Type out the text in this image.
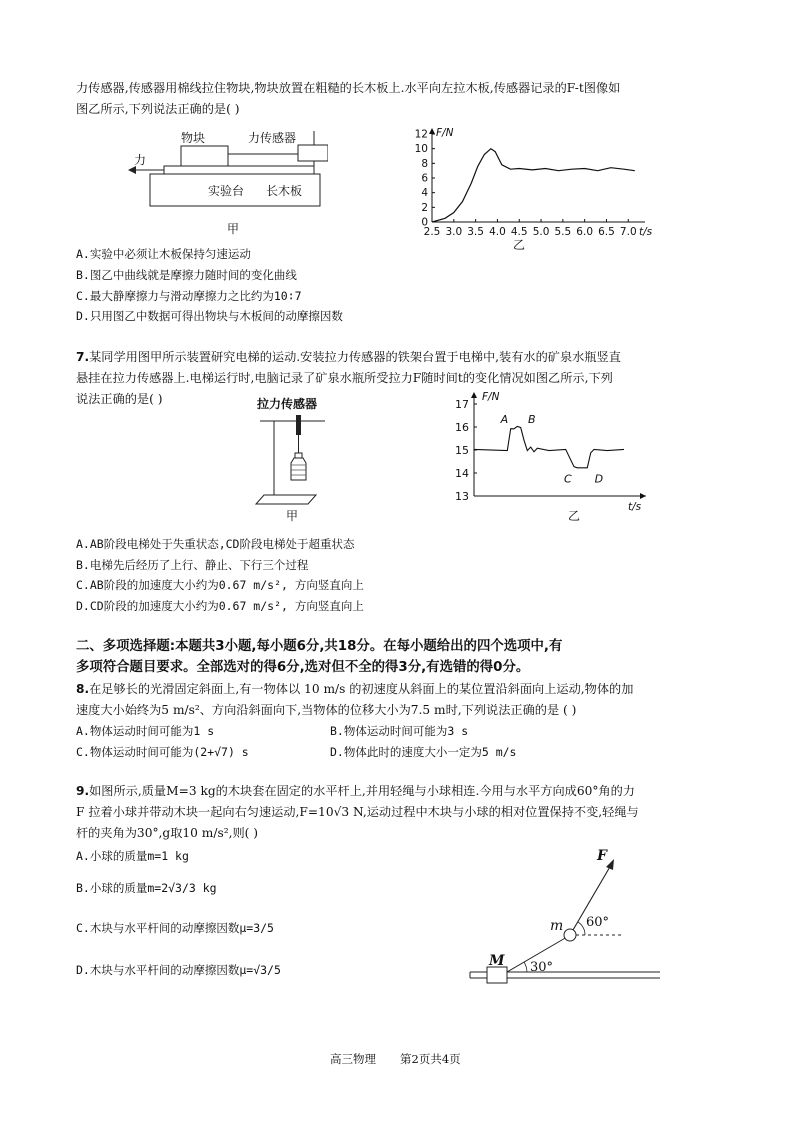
力传感器,传感器用棉线拉住物块,物块放置在粗糙的长木板上.水平向左拉木板,传感器记录的F-t图像如
图乙所示,下列说法正确的是( )
物块	力传感器
力
实验台 长木板
甲	0
2
4
6
8
10
12
2.5 3.0 3.5 4.0 4.5 5.0 5.5 6.0 6.5 7.0
F/N
t/s
乙
A.实验中必须让木板保持匀速运动
B.图乙中曲线就是摩擦力随时间的变化曲线
C.最大静摩擦力与滑动摩擦力之比约为10∶7
D.只用图乙中数据可得出物块与木板间的动摩擦因数
7.某同学用图甲所示装置研究电梯的运动.安装拉力传感器的铁架台置于电梯中,装有水的矿泉水瓶竖直
悬挂在拉力传感器上.电梯运行时,电脑记录了矿泉水瓶所受拉力F随时间t的变化情况如图乙所示,下列
说法正确的是( )	拉力传感器
甲
13
14
15
16
17
F/N
t/s
A B
C D
乙
A.AB阶段电梯处于失重状态,CD阶段电梯处于超重状态
B.电梯先后经历了上行、静止、下行三个过程
C.AB阶段的加速度大小约为0.67 m/s², 方向竖直向上
D.CD阶段的加速度大小约为0.67 m/s², 方向竖直向上
二、多项选择题:本题共3小题,每小题6分,共18分。在每小题给出的四个选项中,有
多项符合题目要求。全部选对的得6分,选对但不全的得3分,有选错的得0分。
8.在足够长的光滑固定斜面上,有一物体以 10 m/s 的初速度从斜面上的某位置沿斜面向上运动,物体的加
速度大小始终为5 m/s²、方向沿斜面向下,当物体的位移大小为7.5 m时,下列说法正确的是 ( )
A.物体运动时间可能为1 s	B.物体运动时间可能为3 s
C.物体运动时间可能为(2+√7) s	D.物体此时的速度大小一定为5 m/s
9.如图所示,质量M=3 kg的木块套在固定的水平杆上,并用轻绳与小球相连.今用与水平方向成60°角的力
F 拉着小球并带动木块一起向右匀速运动,F=10√3 N,运动过程中木块与小球的相对位置保持不变,轻绳与
杆的夹角为30°,g取10 m/s²,则( )
A.小球的质量m=1 kg
B.小球的质量m=2√3/3 kg
C.木块与水平杆间的动摩擦因数μ=3/5
D.木块与水平杆间的动摩擦因数μ=√3/5
F
m 60°
M 30°
高三物理 第2页共4页
